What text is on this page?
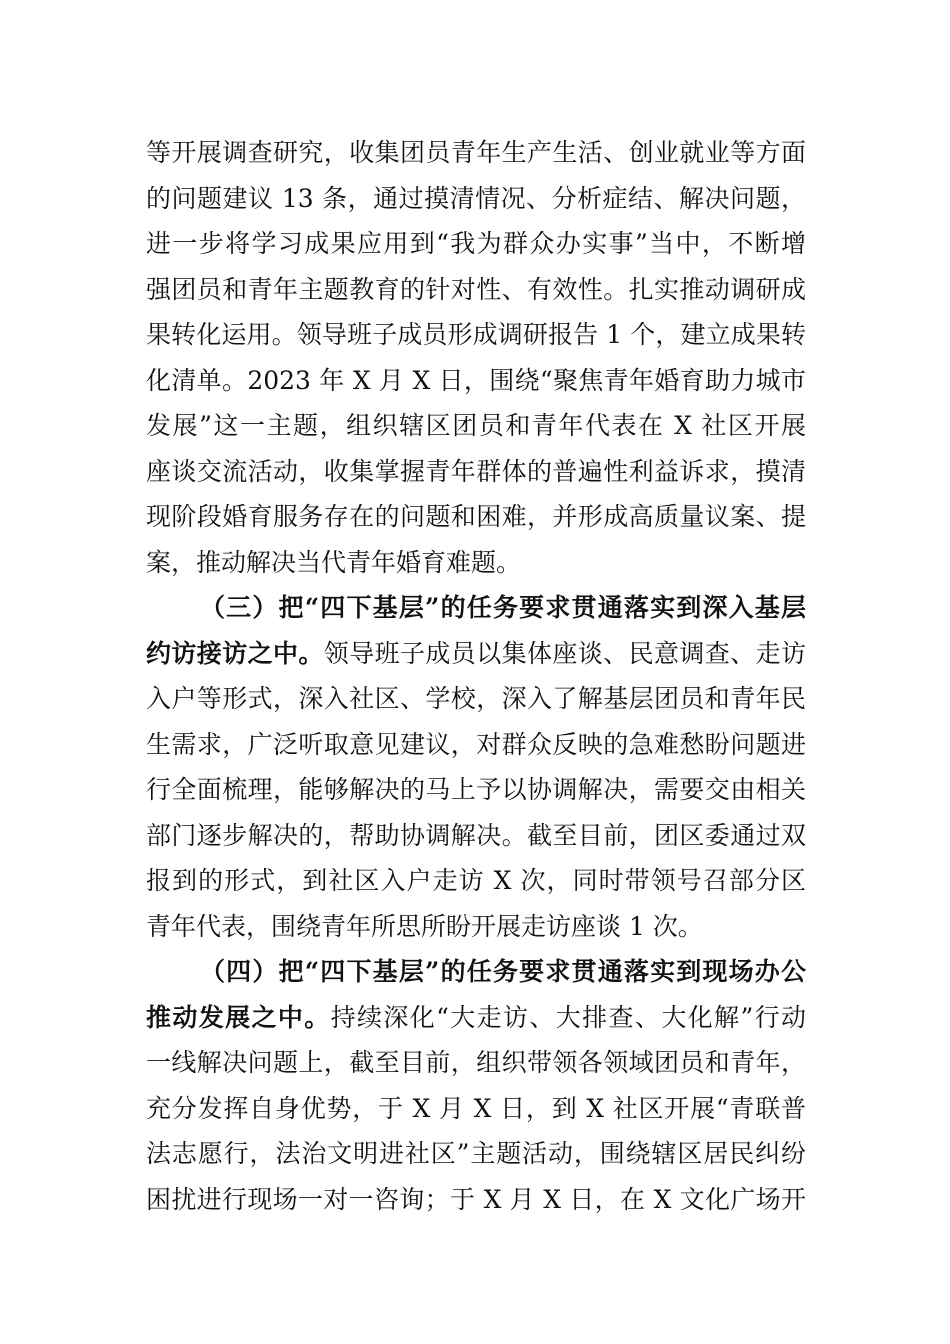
等开展调查研究，收集团员青年生产生活、创业就业等方面
的问题建议 13 条，通过摸清情况、分析症结、解决问题，
进一步将学习成果应用到“我为群众办实事”当中，不断增
强团员和青年主题教育的针对性、有效性。扎实推动调研成
果转化运用。领导班子成员形成调研报告 1 个，建立成果转
化清单。2023 年 X 月 X 日，围绕“聚焦青年婚育助力城市
发展”这一主题，组织辖区团员和青年代表在 X 社区开展
座谈交流活动，收集掌握青年群体的普遍性利益诉求，摸清
现阶段婚育服务存在的问题和困难，并形成高质量议案、提
案，推动解决当代青年婚育难题。
（三）把“四下基层”的任务要求贯通落实到深入基层
约访接访之中。领导班子成员以集体座谈、民意调查、走访
入户等形式，深入社区、学校，深入了解基层团员和青年民
生需求，广泛听取意见建议，对群众反映的急难愁盼问题进
行全面梳理，能够解决的马上予以协调解决，需要交由相关
部门逐步解决的，帮助协调解决。截至目前，团区委通过双
报到的形式，到社区入户走访 X 次，同时带领号召部分区
青年代表，围绕青年所思所盼开展走访座谈 1 次。
（四）把“四下基层”的任务要求贯通落实到现场办公
推动发展之中。持续深化“大走访、大排查、大化解”行动
一线解决问题上，截至目前，组织带领各领域团员和青年，
充分发挥自身优势，于 X 月 X 日，到 X 社区开展“青联普
法志愿行，法治文明进社区”主题活动，围绕辖区居民纠纷
困扰进行现场一对一咨询；于 X 月 X 日，在 X 文化广场开
